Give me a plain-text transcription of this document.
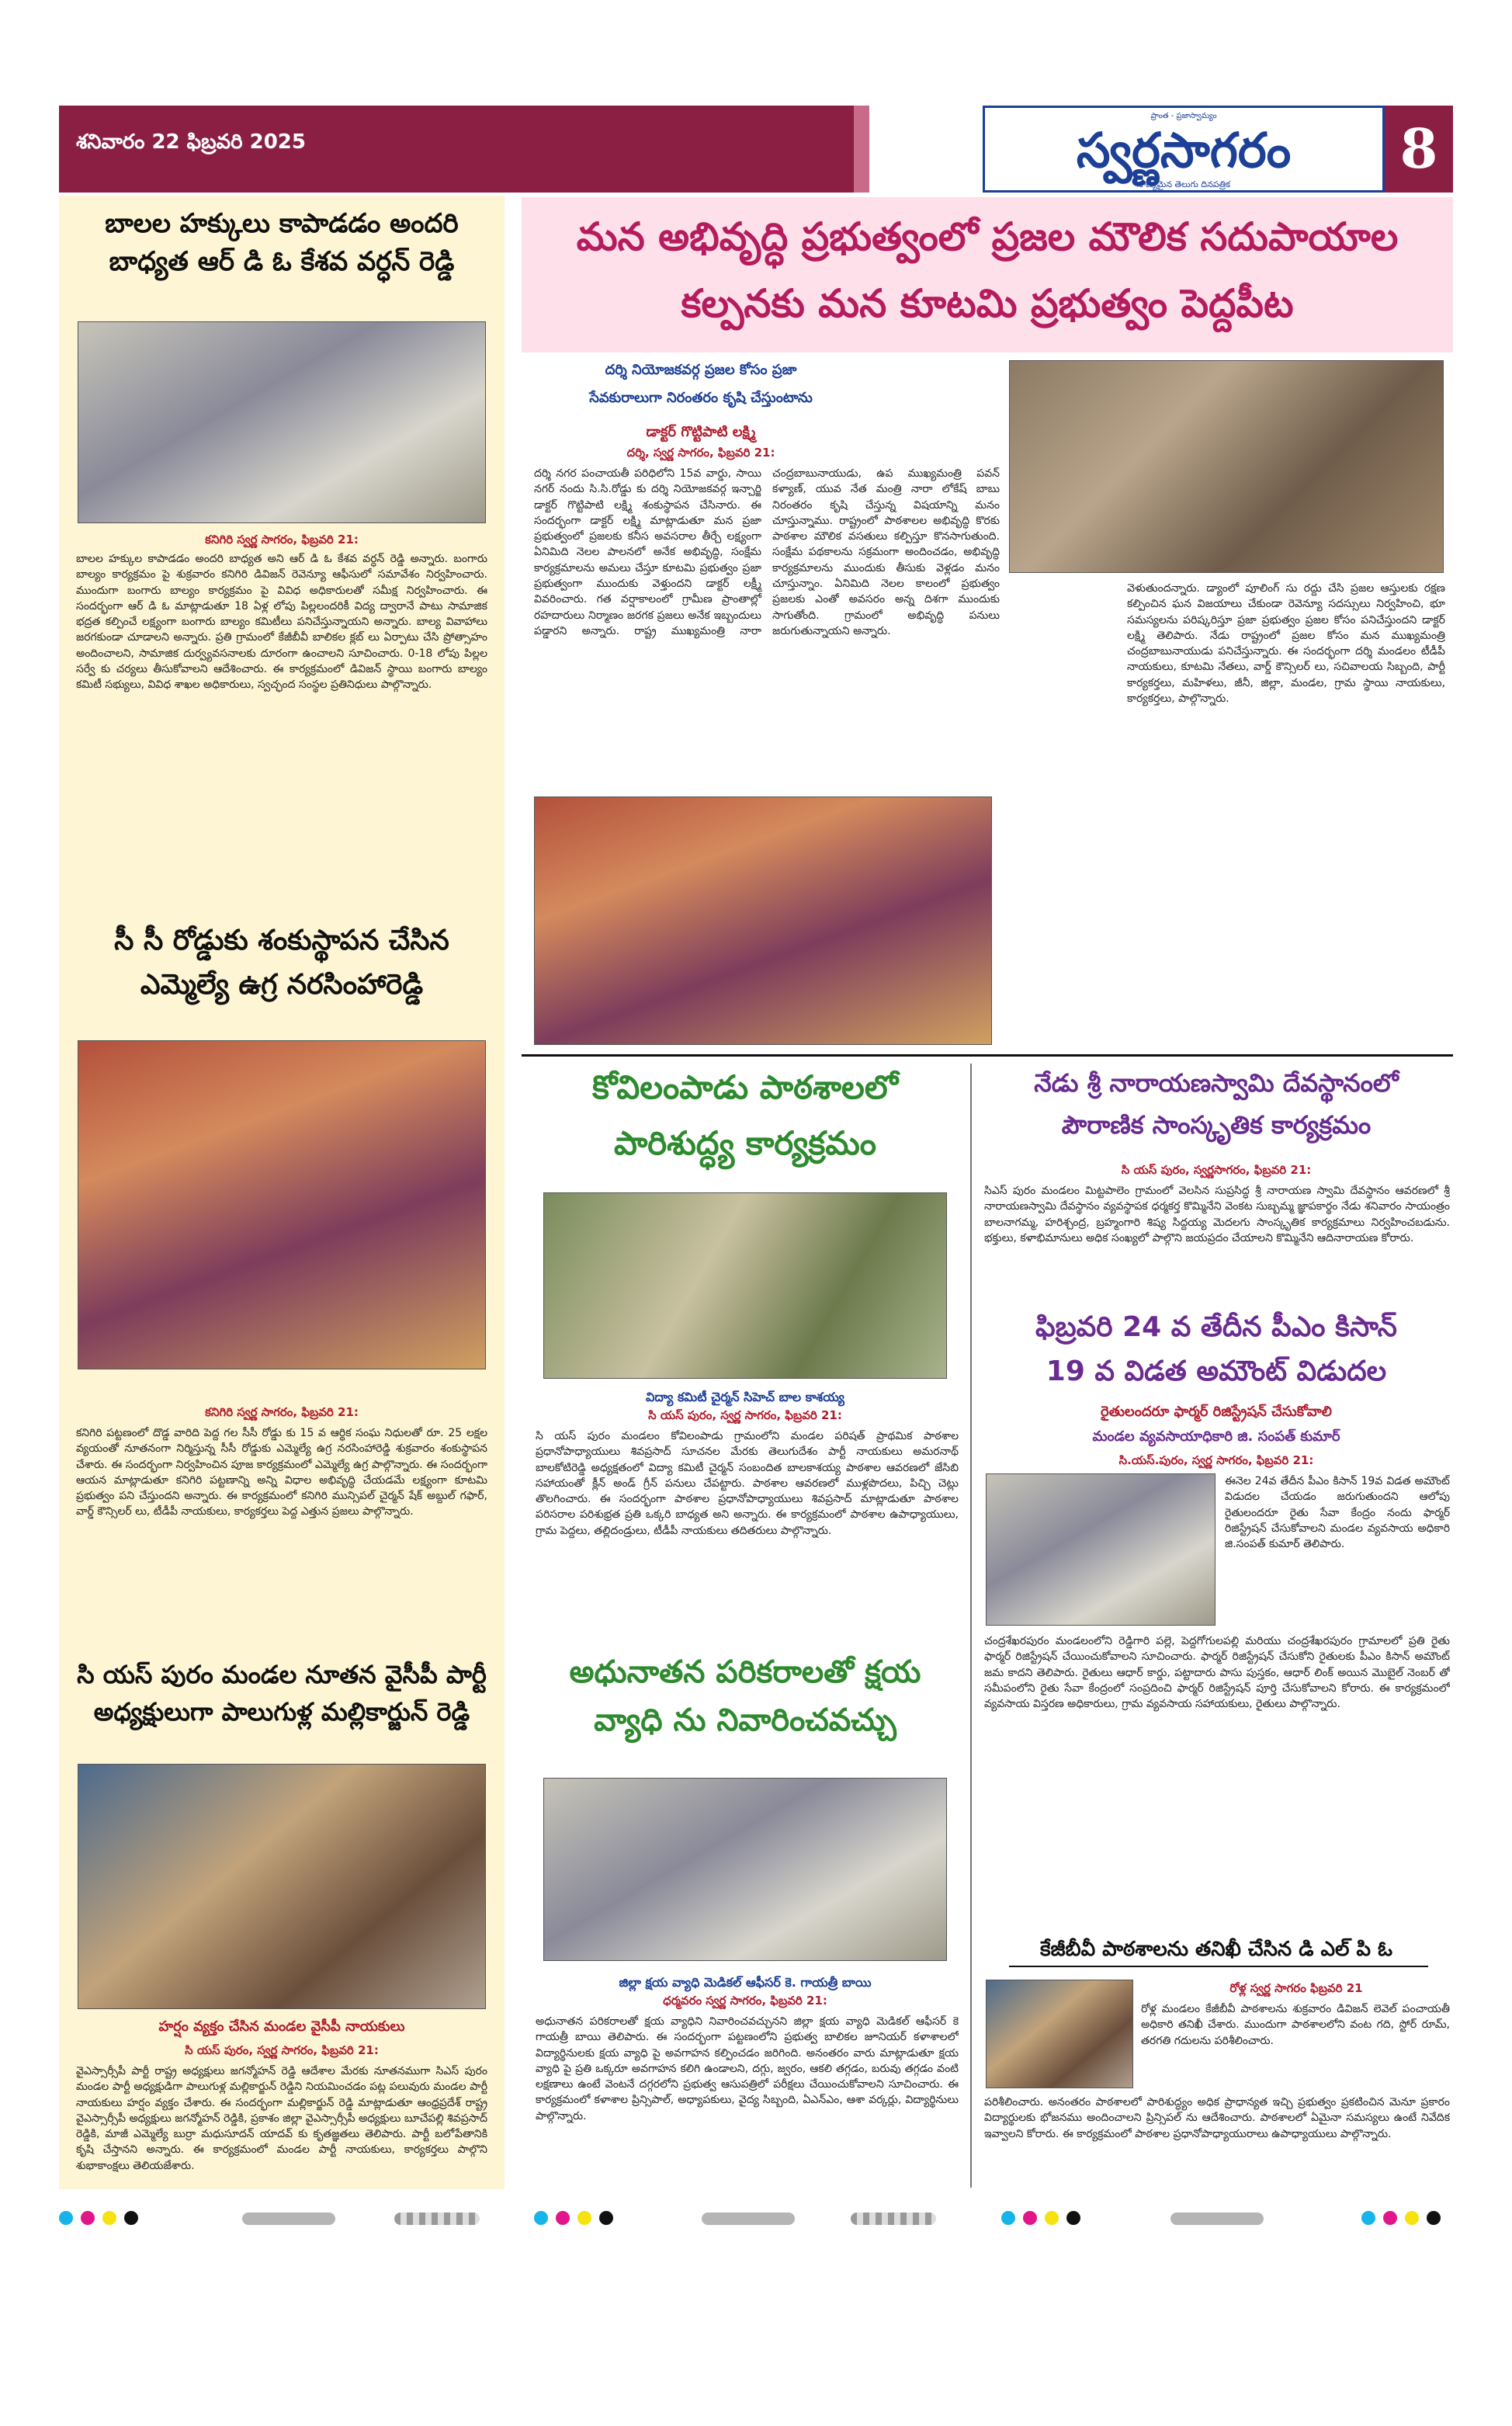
శనివారం 22 ఫిబ్రవరి 2025
ప్రాంత - ప్రజాస్వామ్యం
స్వర్ణసాగరం
నాణ్యమైన తెలుగు దినపత్రిక
8
బాలల హక్కులు కాపాడడం అందరి
బాధ్యత ఆర్ డి ఓ కేశవ వర్ధన్ రెడ్డి
కనిగిరి స్వర్ణ సాగరం, ఫిబ్రవరి 21:
బాలల హక్కుల కాపాడడం అందరి బాధ్యత అని ఆర్ డి ఓ కేశవ వర్ధన్ రెడ్డి అన్నారు. బంగారు బాల్యం కార్యక్రమం పై శుక్రవారం కనిగిరి డివిజన్ రెవెన్యూ ఆఫీసులో సమావేశం నిర్వహించారు. ముందుగా బంగారు బాల్యం కార్యక్రమం పై వివిధ అధికారులతో సమీక్ష నిర్వహించారు. ఈ సందర్భంగా ఆర్ డి ఓ మాట్లాడుతూ 18 ఏళ్ల లోపు పిల్లలందరికీ విద్య ద్వారానే పాటు సామాజిక భద్రత కల్పించే లక్ష్యంగా బంగారు బాల్యం కమిటీలు పనిచేస్తున్నాయని అన్నారు. బాల్య వివాహాలు జరగకుండా చూడాలని అన్నారు. ప్రతి గ్రామంలో కేజీబీవీ బాలికల క్లబ్ లు ఏర్పాటు చేసి ప్రోత్సాహం అందించాలని, సామాజిక దుర్వ్యవసనాలకు దూరంగా ఉంచాలని సూచించారు. 0-18 లోపు పిల్లల సర్వే కు చర్యలు తీసుకోవాలని ఆదేశించారు. ఈ కార్యక్రమంలో డివిజన్ స్థాయి బంగారు బాల్యం కమిటీ సభ్యులు, వివిధ శాఖల అధికారులు, స్వచ్ఛంద సంస్థల ప్రతినిధులు పాల్గొన్నారు.
సీ సీ రోడ్డుకు శంకుస్థాపన చేసిన
ఎమ్మెల్యే ఉగ్ర నరసింహారెడ్డి
కనిగిరి స్వర్ణ సాగరం, ఫిబ్రవరి 21:
కనిగిరి పట్టణంలో దొడ్డ వారిది పెద్ద గల సీసీ రోడ్డు కు 15 వ ఆర్థిక సంఘ నిధులతో రూ. 25 లక్షల వ్యయంతో నూతనంగా నిర్మిస్తున్న సీసీ రోడ్డుకు ఎమ్మెల్యే ఉగ్ర నరసింహారెడ్డి శుక్రవారం శంకుస్థాపన చేశారు. ఈ సందర్భంగా నిర్వహించిన పూజ కార్యక్రమంలో ఎమ్మెల్యే ఉగ్ర పాల్గొన్నారు. ఈ సందర్భంగా ఆయన మాట్లాడుతూ కనిగిరి పట్టణాన్ని అన్ని విధాల అభివృద్ధి చేయడమే లక్ష్యంగా కూటమి ప్రభుత్వం పని చేస్తుందని అన్నారు. ఈ కార్యక్రమంలో కనిగిరి మున్సిపల్ చైర్మన్ షేక్ అబ్దుల్ గఫార్, వార్డ్ కౌన్సిలర్ లు, టీడీపీ నాయకులు, కార్యకర్తలు పెద్ద ఎత్తున ప్రజలు పాల్గొన్నారు.
సి యస్ పురం మండల నూతన వైసీపీ పార్టీ
అధ్యక్షులుగా పాలుగుళ్ల మల్లికార్జున్ రెడ్డి
హర్షం వ్యక్తం చేసిన మండల వైసీపీ నాయకులు
సి యస్ పురం, స్వర్ణ సాగరం, ఫిబ్రవరి 21:
వైఎస్సార్సీపీ పార్టీ రాష్ట్ర అధ్యక్షులు జగన్మోహన్ రెడ్డి ఆదేశాల మేరకు నూతనముగా సిఎస్ పురం మండల పార్టీ అధ్యక్షుడిగా పాలుగుళ్ల మల్లికార్జున్ రెడ్డిని నియమించడం పట్ల పలువురు మండల పార్టీ నాయకులు హర్షం వ్యక్తం చేశారు. ఈ సందర్భంగా మల్లికార్జున్ రెడ్డి మాట్లాడుతూ ఆంధ్రప్రదేశ్ రాష్ట్ర వైఎస్సార్సీపీ అధ్యక్షులు జగన్మోహన్ రెడ్డికి, ప్రకాశం జిల్లా వైఎస్సార్సీపీ అధ్యక్షులు బూచేపల్లి శివప్రసాద్ రెడ్డికి, మాజీ ఎమ్మెల్యే బుర్రా మధుసూదన్ యాదవ్ కు కృతజ్ఞతలు తెలిపారు. పార్టీ బలోపేతానికి కృషి చేస్తానని అన్నారు. ఈ కార్యక్రమంలో మండల పార్టీ నాయకులు, కార్యకర్తలు పాల్గొని శుభాకాంక్షలు తెలియజేశారు.
మన అభివృద్ధి ప్రభుత్వంలో ప్రజల మౌలిక సదుపాయాల
కల్పనకు మన కూటమి ప్రభుత్వం పెద్దపీట
దర్శి నియోజకవర్గ ప్రజల కోసం ప్రజా
సేవకురాలుగా నిరంతరం కృషి చేస్తుంటాను
డాక్టర్ గొట్టిపాటి లక్ష్మి
దర్శి, స్వర్ణ సాగరం, ఫిబ్రవరి 21:
దర్శి నగర పంచాయతీ పరిధిలోని 15వ వార్డు, సాయి నగర్ నందు సి.సి.రోడ్డు కు దర్శి నియోజకవర్గ ఇన్చార్జి డాక్టర్ గొట్టిపాటి లక్ష్మి శంకుస్థాపన చేసినారు. ఈ సందర్భంగా డాక్టర్ లక్ష్మి మాట్లాడుతూ మన ప్రజా ప్రభుత్వంలో ప్రజలకు కనీస అవసరాల తీర్చే లక్ష్యంగా ఏనిమిది నెలల పాలనలో అనేక అభివృద్ధి, సంక్షేమ కార్యక్రమాలను అమలు చేస్తూ కూటమి ప్రభుత్వం ప్రజా ప్రభుత్వంగా ముందుకు వెళ్తుందని డాక్టర్ లక్ష్మీ వివరించారు. గత వర్షాకాలంలో గ్రామీణ ప్రాంతాల్లో రహదారులు నిర్మాణం జరగక ప్రజలు అనేక ఇబ్బందులు పడ్డారని అన్నారు. రాష్ట్ర ముఖ్యమంత్రి నారా చంద్రబాబునాయుడు, ఉప ముఖ్యమంత్రి పవన్ కళ్యాణ్, యువ నేత మంత్రి నారా లోకేష్ బాబు నిరంతరం కృషి చేస్తున్న విషయాన్ని మనం చూస్తున్నాము. రాష్ట్రంలో పాఠశాలల అభివృద్ధి కొరకు పాఠశాల మౌలిక వసతులు కల్పిస్తూ కొనసాగుతుంది. సంక్షేమ పథకాలను సక్రమంగా అందించడం, అభివృద్ధి కార్యక్రమాలను ముందుకు తీసుకు వెళ్లడం మనం చూస్తున్నాం. ఏనిమిది నెలల కాలంలో ప్రభుత్వం ప్రజలకు ఎంతో అవసరం అన్న దిశగా ముందుకు సాగుతోంది. గ్రామంలో అభివృద్ధి పనులు జరుగుతున్నాయని అన్నారు.
వెళుతుందన్నారు. డ్యాంలో పూలింగ్ సు రద్దు చేసి ప్రజల ఆస్తులకు రక్షణ కల్పించిన ఘన విజయాలు చేకుండా రెవెన్యూ సదస్సులు నిర్వహించి, భూ సమస్యలను పరిష్కరిస్తూ ప్రజా ప్రభుత్వం ప్రజల కోసం పనిచేస్తుందని డాక్టర్ లక్ష్మి తెలిపారు. నేడు రాష్ట్రంలో ప్రజల కోసం మన ముఖ్యమంత్రి చంద్రబాబునాయుడు పనిచేస్తున్నారు. ఈ సందర్భంగా దర్శి మండలం టీడీపీ నాయకులు, కూటమి నేతలు, వార్డ్ కౌన్సిలర్ లు, సచివాలయ సిబ్బంది, పార్టీ కార్యకర్తలు, మహిళలు, జీనీ, జిల్లా, మండల, గ్రామ స్థాయి నాయకులు, కార్యకర్తలు, పాల్గొన్నారు.
కోవిలంపాడు పాఠశాలలో
పారిశుద్ధ్య కార్యక్రమం
విద్యా కమిటీ చైర్మన్ సిహెచ్ బాల కాశయ్య
సి యస్ పురం, స్వర్ణ సాగరం, ఫిబ్రవరి 21:
సి యస్ పురం మండలం కోవిలంపాడు గ్రామంలోని మండల పరిషత్ ప్రాథమిక పాఠశాల ప్రధానోపాధ్యాయులు శివప్రసాద్ సూచనల మేరకు తెలుగుదేశం పార్టీ నాయకులు అమరనాథ్ బాలకోటిరెడ్డి అధ్యక్షతంలో విద్యా కమిటీ చైర్మన్ సంబందిత బాలకాశయ్య పాఠశాల ఆవరణలో జేసిబి సహాయంతో క్లీన్ అండ్ గ్రీన్ పనులు చేపట్టారు. పాఠశాల ఆవరణలో ముళ్లపొదలు, పిచ్చి చెట్లు తొలగించారు. ఈ సందర్భంగా పాఠశాల ప్రధానోపాధ్యాయులు శివప్రసాద్ మాట్లాడుతూ పాఠశాల పరిసరాల పరిశుభ్రత ప్రతి ఒక్కరి బాధ్యత అని అన్నారు. ఈ కార్యక్రమంలో పాఠశాల ఉపాధ్యాయులు, గ్రామ పెద్దలు, తల్లిదండ్రులు, టీడీపీ నాయకులు తదితరులు పాల్గొన్నారు.
అధునాతన పరికరాలతో క్షయ
వ్యాధి ను నివారించవచ్చు
జిల్లా క్షయ వ్యాధి మెడికల్ ఆఫీసర్ కె. గాయత్రీ బాయి
ధర్మవరం స్వర్ణ సాగరం, ఫిబ్రవరి 21:
అధునాతన పరికరాలతో క్షయ వ్యాధిని నివారించవచ్చునని జిల్లా క్షయ వ్యాధి మెడికల్ ఆఫీసర్ కె గాయత్రీ బాయి తెలిపారు. ఈ సందర్భంగా పట్టణంలోని ప్రభుత్వ బాలికల జూనియర్ కళాశాలలో విద్యార్థినులకు క్షయ వ్యాధి పై అవగాహన కల్పించడం జరిగింది. అనంతరం వారు మాట్లాడుతూ క్షయ వ్యాధి పై ప్రతి ఒక్కరూ అవగాహన కలిగి ఉండాలని, దగ్గు, జ్వరం, ఆకలి తగ్గడం, బరువు తగ్గడం వంటి లక్షణాలు ఉంటే వెంటనే దగ్గరలోని ప్రభుత్వ ఆసుపత్రిలో పరీక్షలు చేయించుకోవాలని సూచించారు. ఈ కార్యక్రమంలో కళాశాల ప్రిన్సిపాల్, అధ్యాపకులు, వైద్య సిబ్బంది, ఏఎన్ఎం, ఆశా వర్కర్లు, విద్యార్థినులు పాల్గొన్నారు.
నేడు శ్రీ నారాయణస్వామి దేవస్థానంలో
పౌరాణిక సాంస్కృతిక కార్యక్రమం
సి యస్ పురం, స్వర్ణసాగరం, ఫిబ్రవరి 21:
సిఎస్ పురం మండలం మిట్టపాలెం గ్రామంలో వెలసిన సుప్రసిద్ధ శ్రీ నారాయణ స్వామి దేవస్థానం ఆవరణలో శ్రీ నారాయణస్వామి దేవస్థానం వ్యవస్థాపక ధర్మకర్త కొమ్మినేని వెంకట సుబ్బమ్మ జ్ఞాపకార్థం నేడు శనివారం సాయంత్రం బాలనాగమ్మ, హరిశ్చంద్ర, బ్రహ్మంగారి శిష్య సిద్దయ్య మెదలగు సాంస్కృతిక కార్యక్రమాలు నిర్వహించబడును. భక్తులు, కళాభిమానులు అధిక సంఖ్యలో పాల్గొని జయప్రదం చేయాలని కొమ్మినేని ఆదినారాయణ కోరారు.
ఫిబ్రవరి 24 వ తేదీన పీఎం కిసాన్
19 వ విడత అమౌంట్ విడుదల
రైతులందరూ ఫార్మర్ రిజిస్ట్రేషన్ చేసుకోవాలి
మండల వ్యవసాయాధికారి జి. సంపత్ కుమార్
సి.యస్.పురం, స్వర్ణ సాగరం, ఫిబ్రవరి 21:
ఈనెల 24వ తేదీన పీఎం కిసాన్ 19వ విడత అమౌంట్ విడుదల చేయడం జరుగుతుందని ఆలోపు రైతులందరూ రైతు సేవా కేంద్రం నందు ఫార్మర్ రిజిస్ట్రేషన్ చేసుకోవాలని మండల వ్యవసాయ అధికారి జి.సంపత్ కుమార్ తెలిపారు.
చంద్రశేఖరపురం మండలంలోని రెడ్డిగారి పల్లె, పెద్దగోగులపల్లి మరియు చంద్రశేఖరపురం గ్రామాలలో ప్రతి రైతు ఫార్మర్ రిజిస్ట్రేషన్ చేయించుకోవాలని సూచించారు. ఫార్మర్ రిజిస్ట్రేషన్ చేసుకోని రైతులకు పీఎం కిసాన్ అమౌంట్ జమ కాదని తెలిపారు. రైతులు ఆధార్ కార్డు, పట్టాదారు పాసు పుస్తకం, ఆధార్ లింక్ అయిన మొబైల్ నెంబర్ తో సమీపంలోని రైతు సేవా కేంద్రంలో సంప్రదించి ఫార్మర్ రిజిస్ట్రేషన్ పూర్తి చేసుకోవాలని కోరారు. ఈ కార్యక్రమంలో వ్యవసాయ విస్తరణ అధికారులు, గ్రామ వ్యవసాయ సహాయకులు, రైతులు పాల్గొన్నారు.
కేజీబీవీ పాఠశాలను తనిఖీ చేసిన డి ఎల్ పి ఓ
రోళ్ల స్వర్ణ సాగరం ఫిబ్రవరి 21
రోళ్ల మండలం కేజీబీవీ పాఠశాలను శుక్రవారం డివిజన్ లెవెల్ పంచాయతీ అధికారి తనిఖీ చేశారు. ముందుగా పాఠశాలలోని వంట గది, స్టోర్ రూమ్, తరగతి గదులను పరిశీలించారు.
పరిశీలించారు. అనంతరం పాఠశాలలో పారిశుద్ధ్యం అధిక ప్రాధాన్యత ఇచ్చి ప్రభుత్వం ప్రకటించిన మెనూ ప్రకారం విద్యార్థులకు భోజనము అందించాలని ప్రిన్సిపల్ ను ఆదేశించారు. పాఠశాలలో ఏమైనా సమస్యలు ఉంటే నివేదిక ఇవ్వాలని కోరారు. ఈ కార్యక్రమంలో పాఠశాల ప్రధానోపాధ్యాయురాలు ఉపాధ్యాయులు పాల్గొన్నారు.
